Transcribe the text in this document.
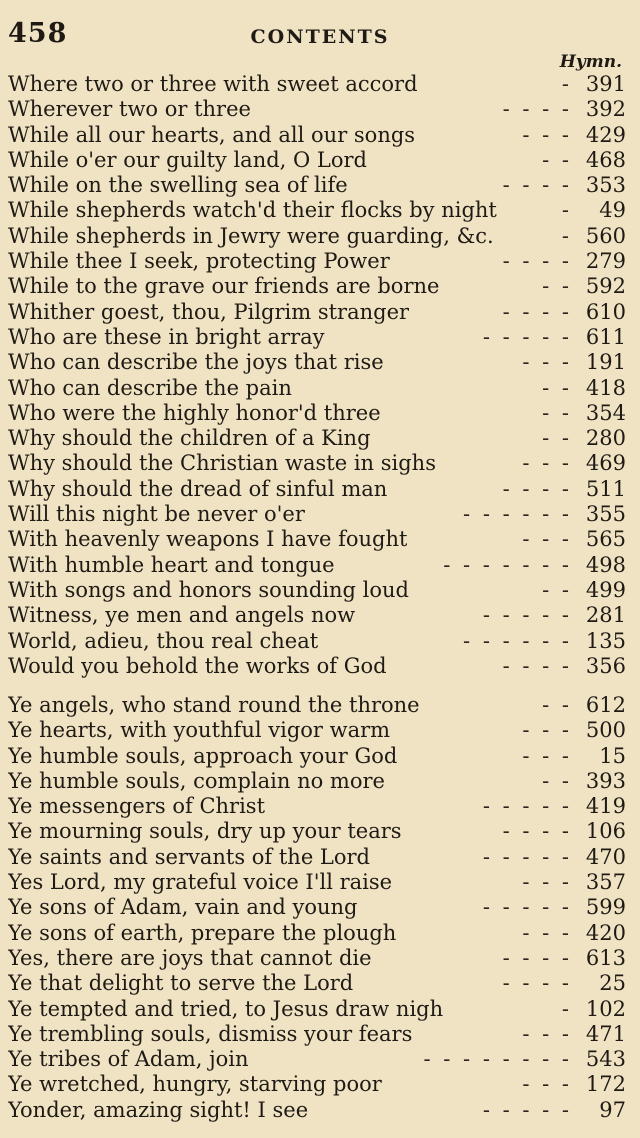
458	CONTENTS
Hymn.
Where two or three with sweet accord	- 391
Wherever two or three	- - - - 392
While all our hearts, and all our songs	- - - 429
While o'er our guilty land, O Lord	- - 468
While on the swelling sea of life	- - - - 353
While shepherds watch'd their flocks by night	-	49
While shepherds in Jewry were guarding, &c.	- 560
While thee I seek, protecting Power	- - - - 279
While to the grave our friends are borne	- - 592
Whither goest, thou, Pilgrim stranger	- - - - 610
Who are these in bright array	- - - - - 611
Who can describe the joys that rise	- - - 191
Who can describe the pain	- - 418
Who were the highly honor'd three	- - 354
Why should the children of a King	- - 280
Why should the Christian waste in sighs	- - - 469
Why should the dread of sinful man	- - - - 511
Will this night be never o'er	- - - - - - 355
With heavenly weapons I have fought	- - - 565
With humble heart and tongue	- - - - - - - 498
With songs and honors sounding loud	- - 499
Witness, ye men and angels now	- - - - - 281
World, adieu, thou real cheat	- - - - - - 135
Would you behold the works of God	- - - - 356
Ye angels, who stand round the throne	- - 612
Ye hearts, with youthful vigor warm	- - - 500
Ye humble souls, approach your God	- - -	15
Ye humble souls, complain no more	- - 393
Ye messengers of Christ	- - - - - 419
Ye mourning souls, dry up your tears	- - - - 106
Ye saints and servants of the Lord	- - - - - 470
Yes Lord, my grateful voice I'll raise	- - - 357
Ye sons of Adam, vain and young	- - - - - 599
Ye sons of earth, prepare the plough	- - - 420
Yes, there are joys that cannot die	- - - - 613
Ye that delight to serve the Lord	- - - -	25
Ye tempted and tried, to Jesus draw nigh	- 102
Ye trembling souls, dismiss your fears	- - - 471
Ye tribes of Adam, join	- - - - - - - - 543
Ye wretched, hungry, starving poor	- - - 172
Yonder, amazing sight! I see	- - - - -	97
